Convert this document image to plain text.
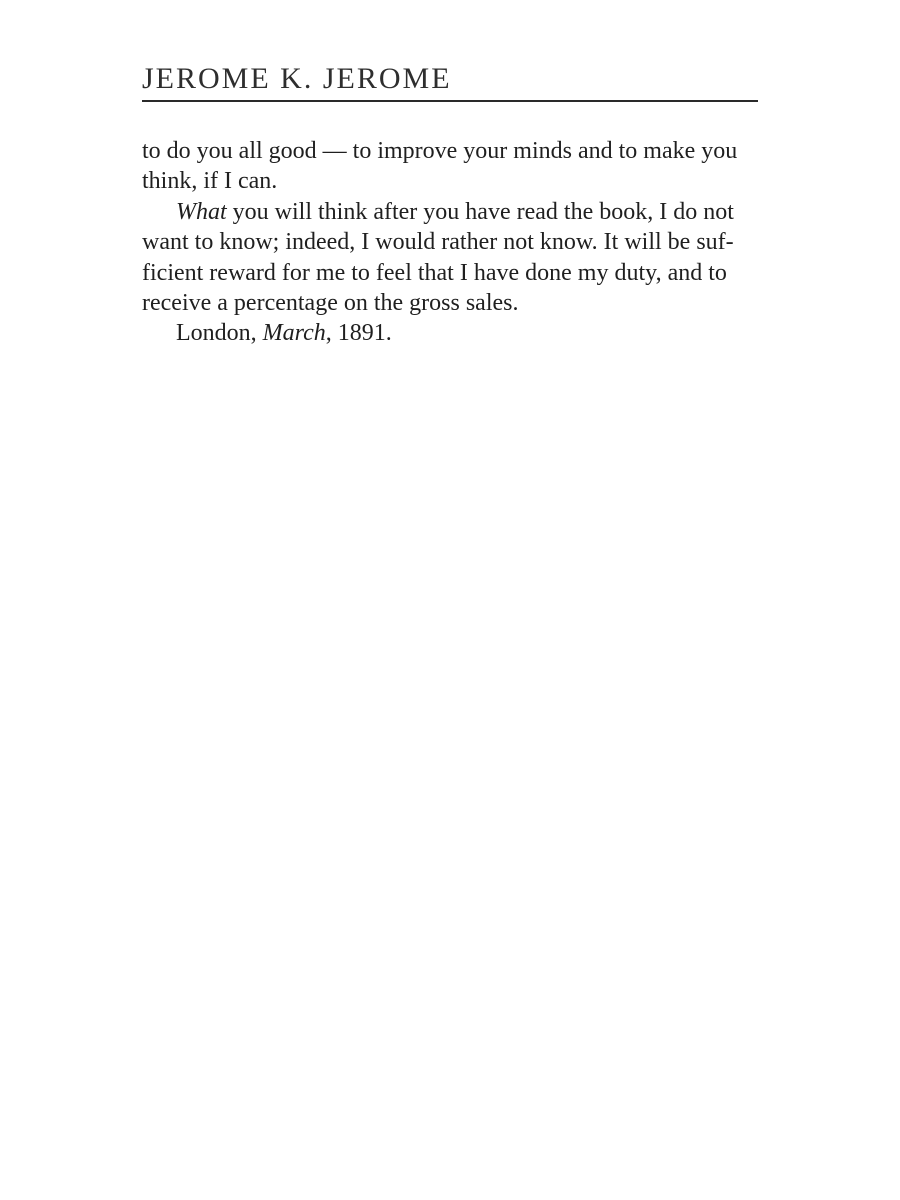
JEROME K. JEROME

to do you all good — to improve your minds and to make you
think, if I can.

What you will think after you have read the book, I do not
want to know; indeed, I would rather not know. It will be suf-
ficient reward for me to feel that I have done my duty, and to
receive a percentage on the gross sales.

London, March, 1891.
